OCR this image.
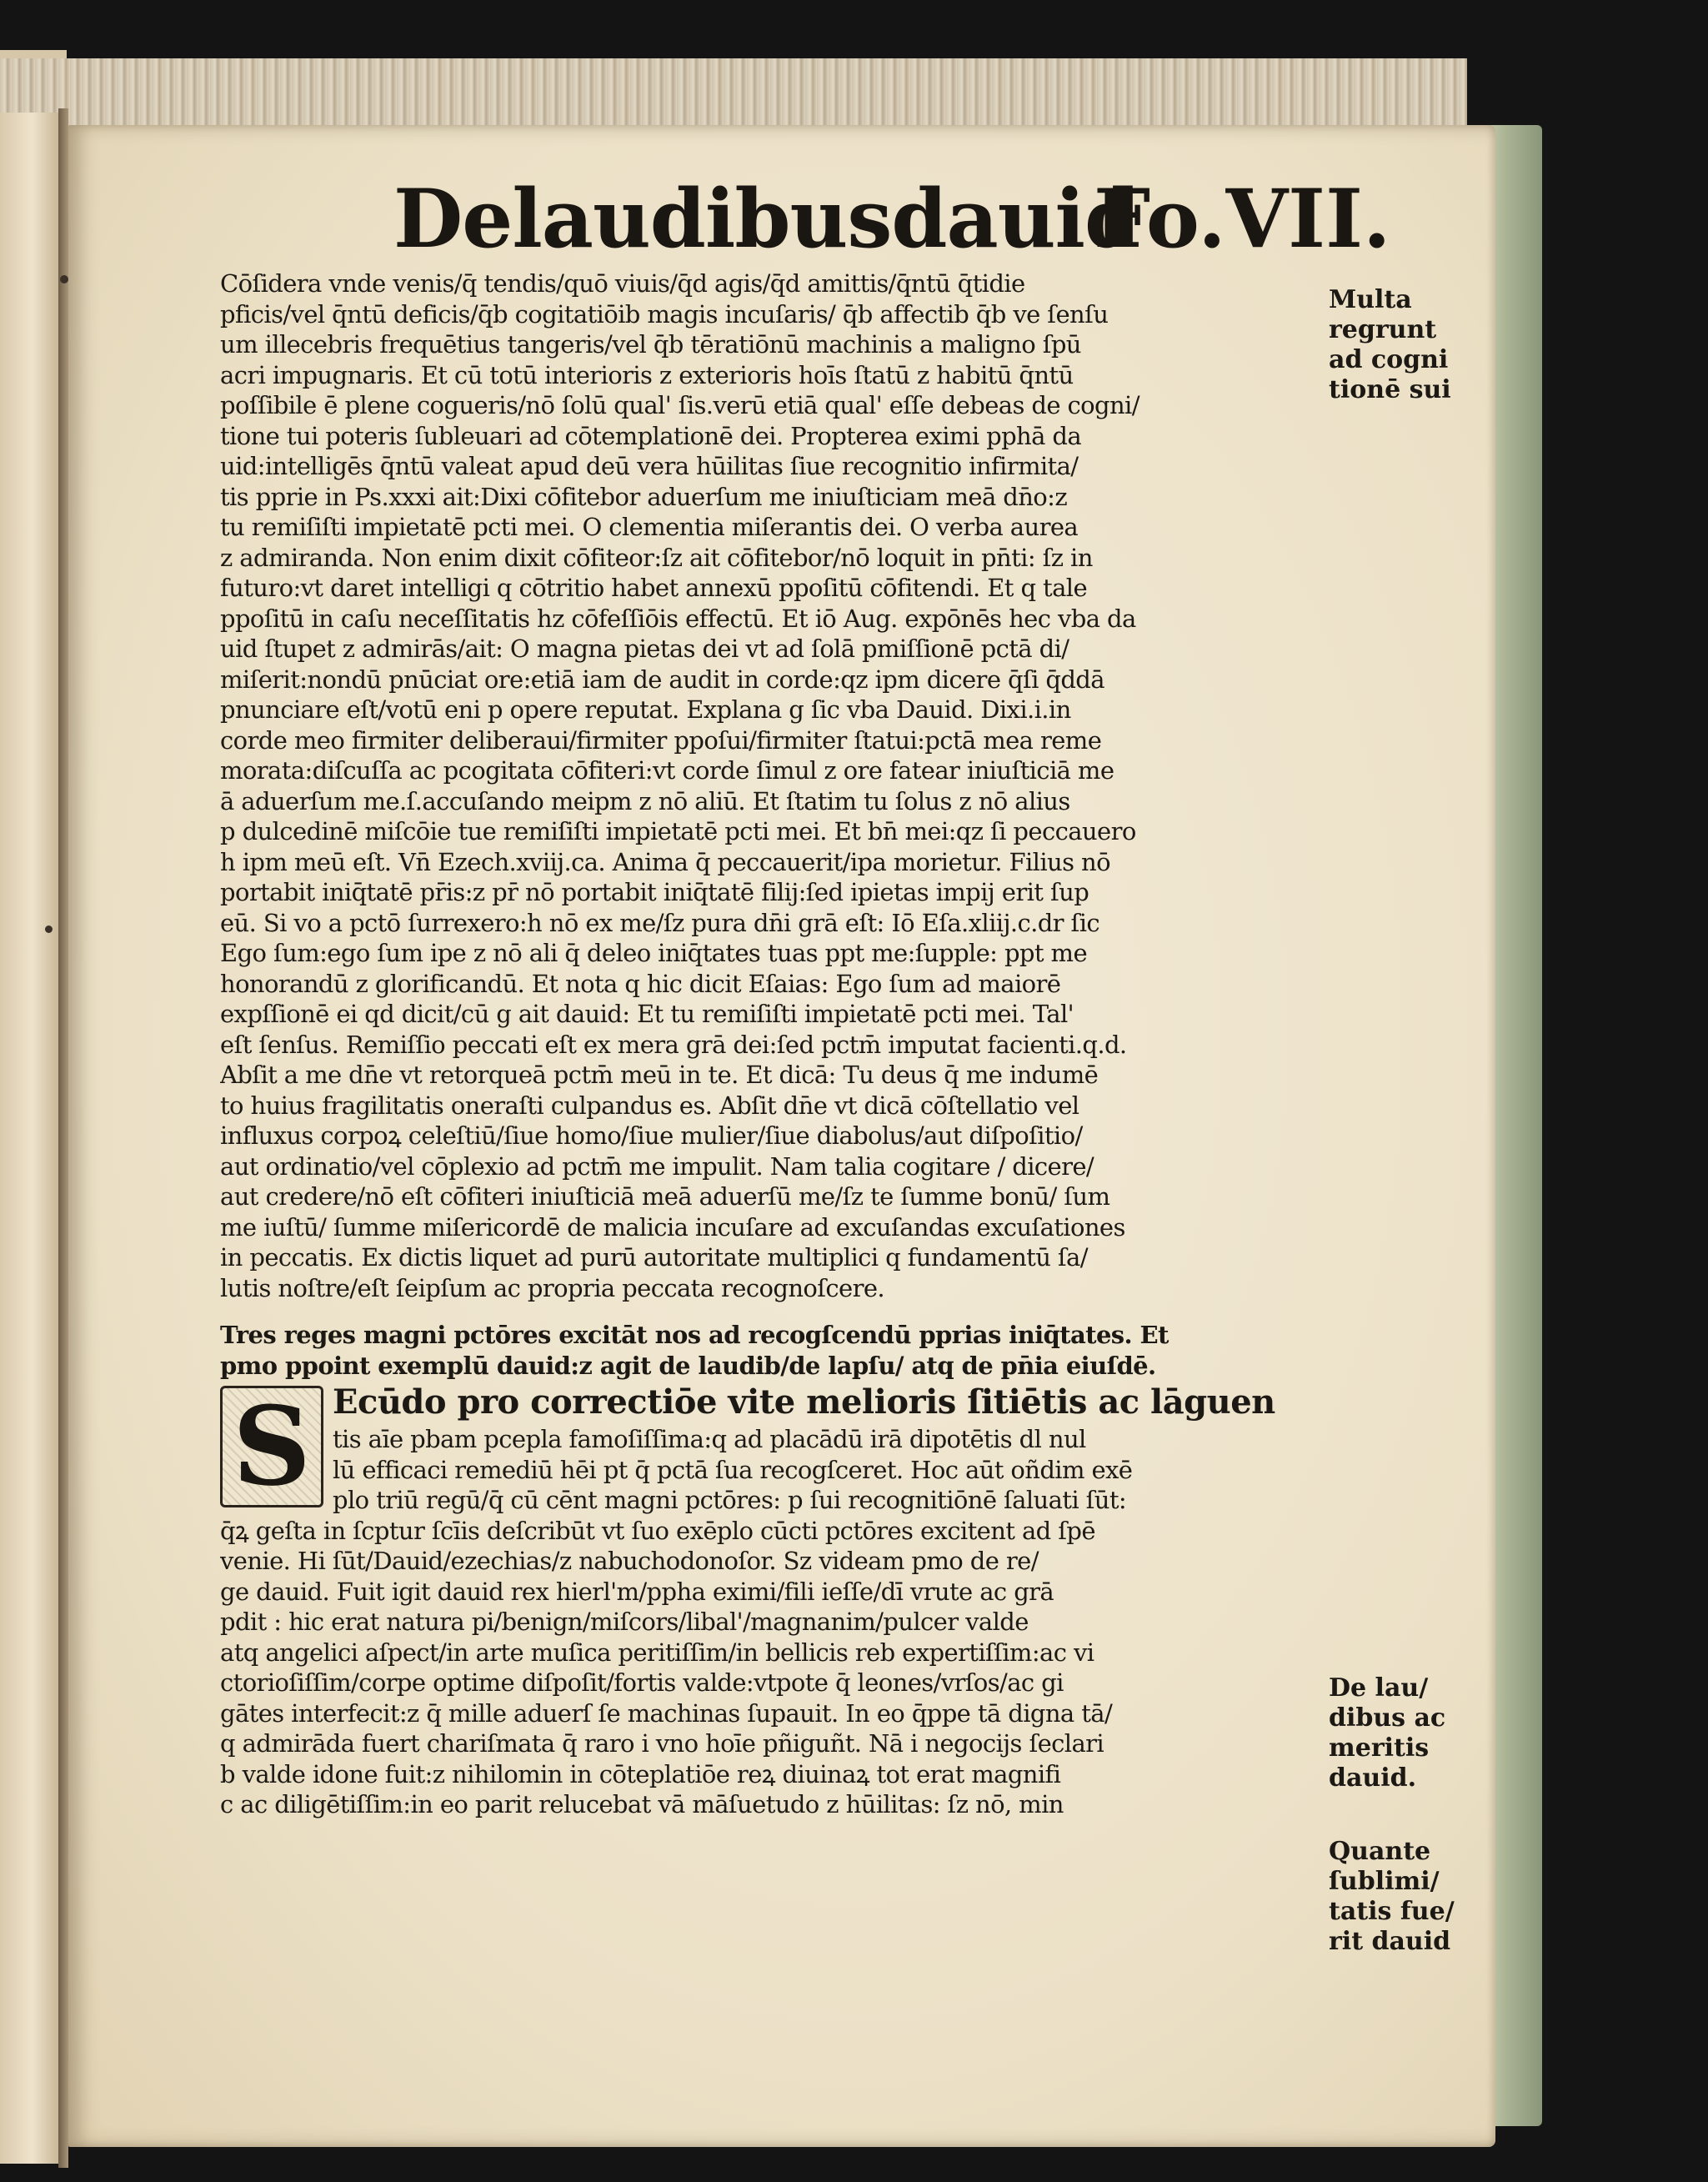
Delaudibusdauid
Fo.VII.
Cōſidera vnde venis/q̄ tendis/quō viuis/q̄d agis/q̄d amittis/q̄ntū q̄tidie
pficis/vel q̄ntū deficis/q̄b cogitatiōib magis incuſaris/ q̄b affectib q̄b ve ſenſu
um illecebris frequētius tangeris/vel q̄b tēratiōnū machinis a maligno ſpū
acri impugnaris. Et cū totū interioris z exterioris hoīs ſtatū z habitū q̄ntū
poſſibile ē plene cogueris/nō ſolū qual' ſis.verū etiā qual' eſſe debeas de cogni/
tione tui poteris ſubleuari ad cōtemplationē dei. Propterea eximi pphā da
uid:intelligēs q̄ntū valeat apud deū vera hūilitas ſiue recognitio infirmita/
tis pprie in Ps.xxxi ait:Dixi cōfitebor aduerſum me iniuſticiam meā dn̄o:z
tu remiſiſti impietatē pcti mei. O clementia miſerantis dei. O verba aurea
z admiranda. Non enim dixit cōfiteor:ſz ait cōfitebor/nō loquit in pn̄ti: ſz in
futuro:vt daret intelligi q cōtritio habet annexū ppoſitū cōfitendi. Et q tale
ppoſitū in caſu neceſſitatis hz cōfeſſiōis effectū. Et iō Aug. expōnēs hec vba da
uid ſtupet z admirās/ait: O magna pietas dei vt ad ſolā pmiſſionē pctā di/
miſerit:nondū pnūciat ore:etiā iam de audit in corde:qz ipm dicere q̄ſi q̄ddā
pnunciare eſt/votū eni p opere reputat. Explana g ſic vba Dauid. Dixi.i.in
corde meo firmiter deliberaui/firmiter ppoſui/firmiter ſtatui:pctā mea reme
morata:diſcuſſa ac pcogitata cōfiteri:vt corde ſimul z ore fatear iniuſticiā me
ā aduerſum me.ſ.accuſando meipm z nō aliū. Et ſtatim tu ſolus z nō alius
p dulcedinē miſcōie tue remiſiſti impietatē pcti mei. Et bn̄ mei:qz ſi peccauero
h ipm meū eſt. Vn̄ Ezech.xviij.ca. Anima q̄ peccauerit/ipa morietur. Filius nō
portabit iniq̄tatē pr̄is:z pr̄ nō portabit iniq̄tatē filij:ſed ipietas impij erit ſup
eū. Si vo a pctō ſurrexero:h nō ex me/ſz pura dn̄i grā eſt: Iō Eſa.xliij.c.dr ſic
Ego ſum:ego ſum ipe z nō ali q̄ deleo iniq̄tates tuas ppt me:ſupple: ppt me
honorandū z glorificandū. Et nota q hic dicit Eſaias: Ego ſum ad maiorē
expſſionē ei qd dicit/cū g ait dauid: Et tu remiſiſti impietatē pcti mei. Tal'
eſt ſenſus. Remiſſio peccati eſt ex mera grā dei:ſed pctm̄ imputat facienti.q.d.
Abſit a me dn̄e vt retorqueā pctm̄ meū in te. Et dicā: Tu deus q̄ me indumē
to huius fragilitatis oneraſti culpandus es. Abſit dn̄e vt dicā cōſtellatio vel
influxus corpoꝝ celeſtiū/ſiue homo/ſiue mulier/ſiue diabolus/aut diſpoſitio/
aut ordinatio/vel cōplexio ad pctm̄ me impulit. Nam talia cogitare / dicere/
aut credere/nō eſt cōfiteri iniuſticiā meā aduerſū me/ſz te ſumme bonū/ ſum
me iuſtū/ ſumme miſericordē de malicia incuſare ad excuſandas excuſationes
in peccatis. Ex dictis liquet ad purū autoritate multiplici q fundamentū ſa/
lutis noſtre/eſt ſeipſum ac propria peccata recognoſcere.
Tres reges magni pctōres excitāt nos ad recogſcendū pprias iniq̄tates. Et
pmo ppoint exemplū dauid:z agit de laudib/de lapſu/ atq de pn̄ia eiuſdē.
S Ecūdo pro correctiōe vite melioris ſitiētis ac lāguen
tis aīe pbam pcepla famoſiſſima:q ad placādū irā dipotētis dl nul
lū efficaci remediū hēi pt q̄ pctā ſua recogſceret. Hoc aūt oñdim exē
plo triū regū/q̄ cū cēnt magni pctōres: p ſui recognitiōnē ſaluati ſūt:
q̄ꝝ geſta in ſcptur ſcīis deſcribūt vt ſuo exēplo cūcti pctōres excitent ad ſpē
venie. Hi ſūt/Dauid/ezechias/z nabuchodonoſor. Sz videam pmo de re/
ge dauid. Fuit igit dauid rex hierl'm/ppha eximi/fili ieſſe/dī vrute ac grā
pdit : hic erat natura pi/benign/miſcors/libal'/magnanim/pulcer valde
atq angelici aſpect/in arte muſica peritiſſim/in bellicis reb expertiſſim:ac vi
ctorioſiſſim/corpe optime diſpoſit/fortis valde:vtpote q̄ leones/vrſos/ac gi
gātes interfecit:z q̄ mille aduerſ ſe machinas ſupauit. In eo q̄ppe tā digna tā/
q admirāda fuert chariſmata q̄ raro i vno hoīe pñiguñt. Nā i negocijs ſeclari
b valde idone fuit:z nihilomin in cōteplatiōe reꝝ diuinaꝝ tot erat magnifi
c ac diligētiſſim:in eo parit relucebat vā māſuetudo z hūilitas: ſz nō, min
Multa
regrunt
ad cogni
tionē sui
De lau/
dibus ac
meritis
dauid.
Quante
ſublimi/
tatis fue/
rit dauid
